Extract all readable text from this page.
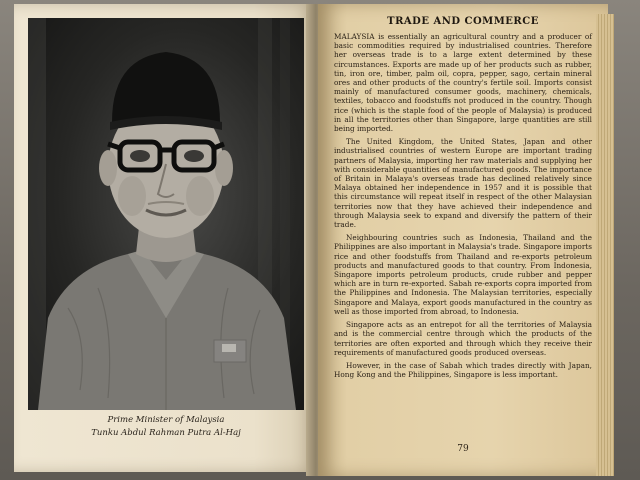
Prime Minister of Malaysia
Tunku Abdul Rahman Putra Al-Haj
TRADE AND COMMERCE

MALAYSIA is essentially an agricultural country and a producer of basic commodities required by industrialised countries. Therefore her overseas trade is to a large extent determined by these circumstances. Exports are made up of her products such as rubber, tin, iron ore, timber, palm oil, copra, pepper, sago, certain mineral ores and other products of the country's fertile soil. Imports consist mainly of manufactured consumer goods, machinery, chemicals, textiles, tobacco and foodstuffs not produced in the country. Though rice (which is the staple food of the people of Malaysia) is produced in all the territories other than Singapore, large quantities are still being imported.

The United Kingdom, the United States, Japan and other industrialised countries of western Europe are important trading partners of Malaysia, importing her raw materials and supplying her with considerable quantities of manufactured goods. The importance of Britain in Malaya's overseas trade has declined relatively since Malaya obtained her independence in 1957 and it is possible that this circumstance will repeat itself in respect of the other Malaysian territories now that they have achieved their independence and through Malaysia seek to expand and diversify the pattern of their trade.

Neighbouring countries such as Indonesia, Thailand and the Philippines are also important in Malaysia's trade. Singapore imports rice and other foodstuffs from Thailand and re-exports petroleum products and manufactured goods to that country. From Indonesia, Singapore imports petroleum products, crude rubber and pepper which are in turn re-exported. Sabah re-exports copra imported from the Philippines and Indonesia. The Malaysian territories, especially Singapore and Malaya, export goods manufactured in the country as well as those imported from abroad, to Indonesia.

Singapore acts as an entrepot for all the territories of Malaysia and is the commercial centre through which the products of the territories are often exported and through which they receive their requirements of manufactured goods produced overseas.

However, in the case of Sabah which trades directly with Japan, Hong Kong and the Philippines, Singapore is less important.

79
